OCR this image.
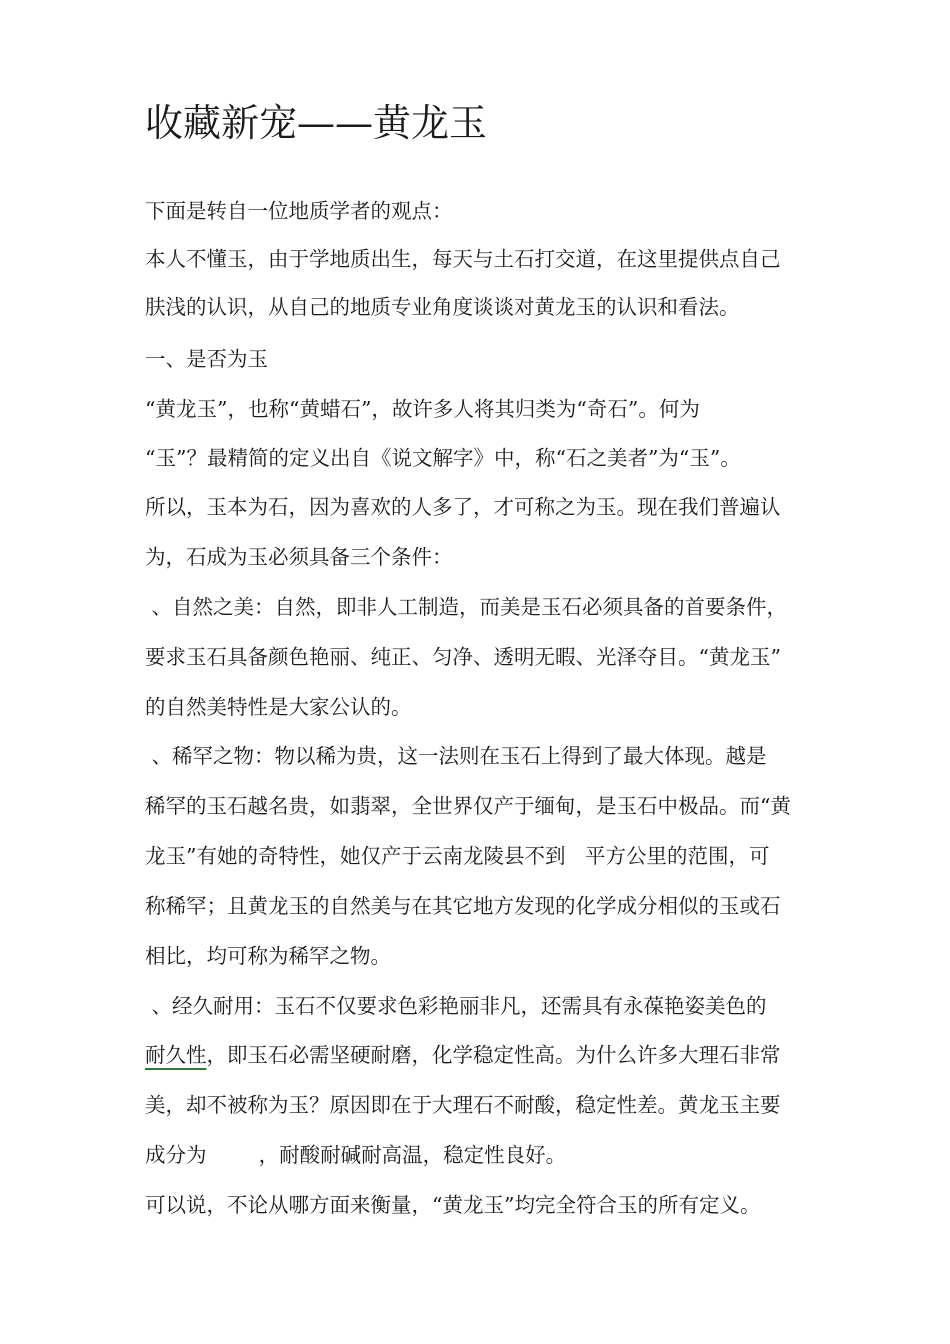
收藏新宠——黄龙玉

下面是转自一位地质学者的观点：

本人不懂玉，由于学地质出生，每天与土石打交道，在这里提供点自己

肤浅的认识，从自己的地质专业角度谈谈对黄龙玉的认识和看法。

一、是否为玉

“黄龙玉”，也称“黄蜡石”，故许多人将其归类为“奇石”。何为

“玉”？最精简的定义出自《说文解字》中，称“石之美者”为“玉”。

所以，玉本为石，因为喜欢的人多了，才可称之为玉。现在我们普遍认

为，石成为玉必须具备三个条件：

、自然之美：自然，即非人工制造，而美是玉石必须具备的首要条件，

要求玉石具备颜色艳丽、纯正、匀净、透明无暇、光泽夺目。“黄龙玉”

的自然美特性是大家公认的。

、稀罕之物：物以稀为贵，这一法则在玉石上得到了最大体现。越是

稀罕的玉石越名贵，如翡翠，全世界仅产于缅甸，是玉石中极品。而“黄

龙玉”有她的奇特性，她仅产于云南龙陵县不到   平方公里的范围，可

称稀罕；且黄龙玉的自然美与在其它地方发现的化学成分相似的玉或石

相比，均可称为稀罕之物。

、经久耐用：玉石不仅要求色彩艳丽非凡，还需具有永葆艳姿美色的

耐久性，即玉石必需坚硬耐磨，化学稳定性高。为什么许多大理石非常

美，却不被称为玉？原因即在于大理石不耐酸，稳定性差。黄龙玉主要

成分为        ，耐酸耐碱耐高温，稳定性良好。

可以说，不论从哪方面来衡量，“黄龙玉”均完全符合玉的所有定义。
